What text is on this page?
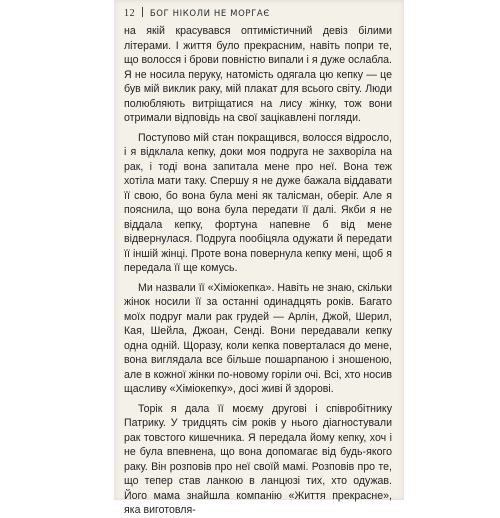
12 БОГ НІКОЛИ НЕ МОРГАЄ

на якій красувався оптимістичний девіз білими літерами. І життя було прекрасним, навіть попри те, що волосся і брови повністю випали і я дуже ослабла. Я не носила перуку, натомість одягала цю кепку — це був мій виклик раку, мій плакат для всього світу. Люди полюбляють витріщатися на лису жінку, тож вони отримали відповідь на свої зацікавлені погляди.

Поступово мій стан покращився, волосся відросло, і я відклала кепку, доки моя подруга не захворіла на рак, і тоді вона запитала мене про неї. Вона теж хотіла мати таку. Спершу я не дуже бажала віддавати її свою, бо вона була мені як талісман, оберіг. Але я пояснила, що вона була передати її далі. Якби я не віддала кепку, фортуна напевне б від мене відвернулася. Подруга пообіцяла одужати й передати її іншій жінці. Проте вона повернула кепку мені, щоб я передала її ще комусь.

Ми назвали її «Хіміокепка». Навіть не знаю, скільки жінок носили її за останні одинадцять років. Багато моїх подруг мали рак грудей — Арлін, Джой, Шерил, Кая, Шейла, Джоан, Сенді. Вони передавали кепку одна одній. Щоразу, коли кепка поверталася до мене, вона виглядала все більше пошарпаною і зношеною, але в кожної жінки по-новому горіли очі. Всі, хто носив щасливу «Хіміокепку», досі живі й здорові.

Торік я дала її моєму другові і співробітнику Патрику. У тридцять сім років у нього діагностували рак товстого кишечника. Я передала йому кепку, хоч і не була впевнена, що вона допомагає від будь-якого раку. Він розповів про неї своїй мамі. Розповів про те, що тепер став ланкою в ланцюзі тих, хто одужав. Його мама знайшла компанію «Життя прекрасне», яка виготовля-
